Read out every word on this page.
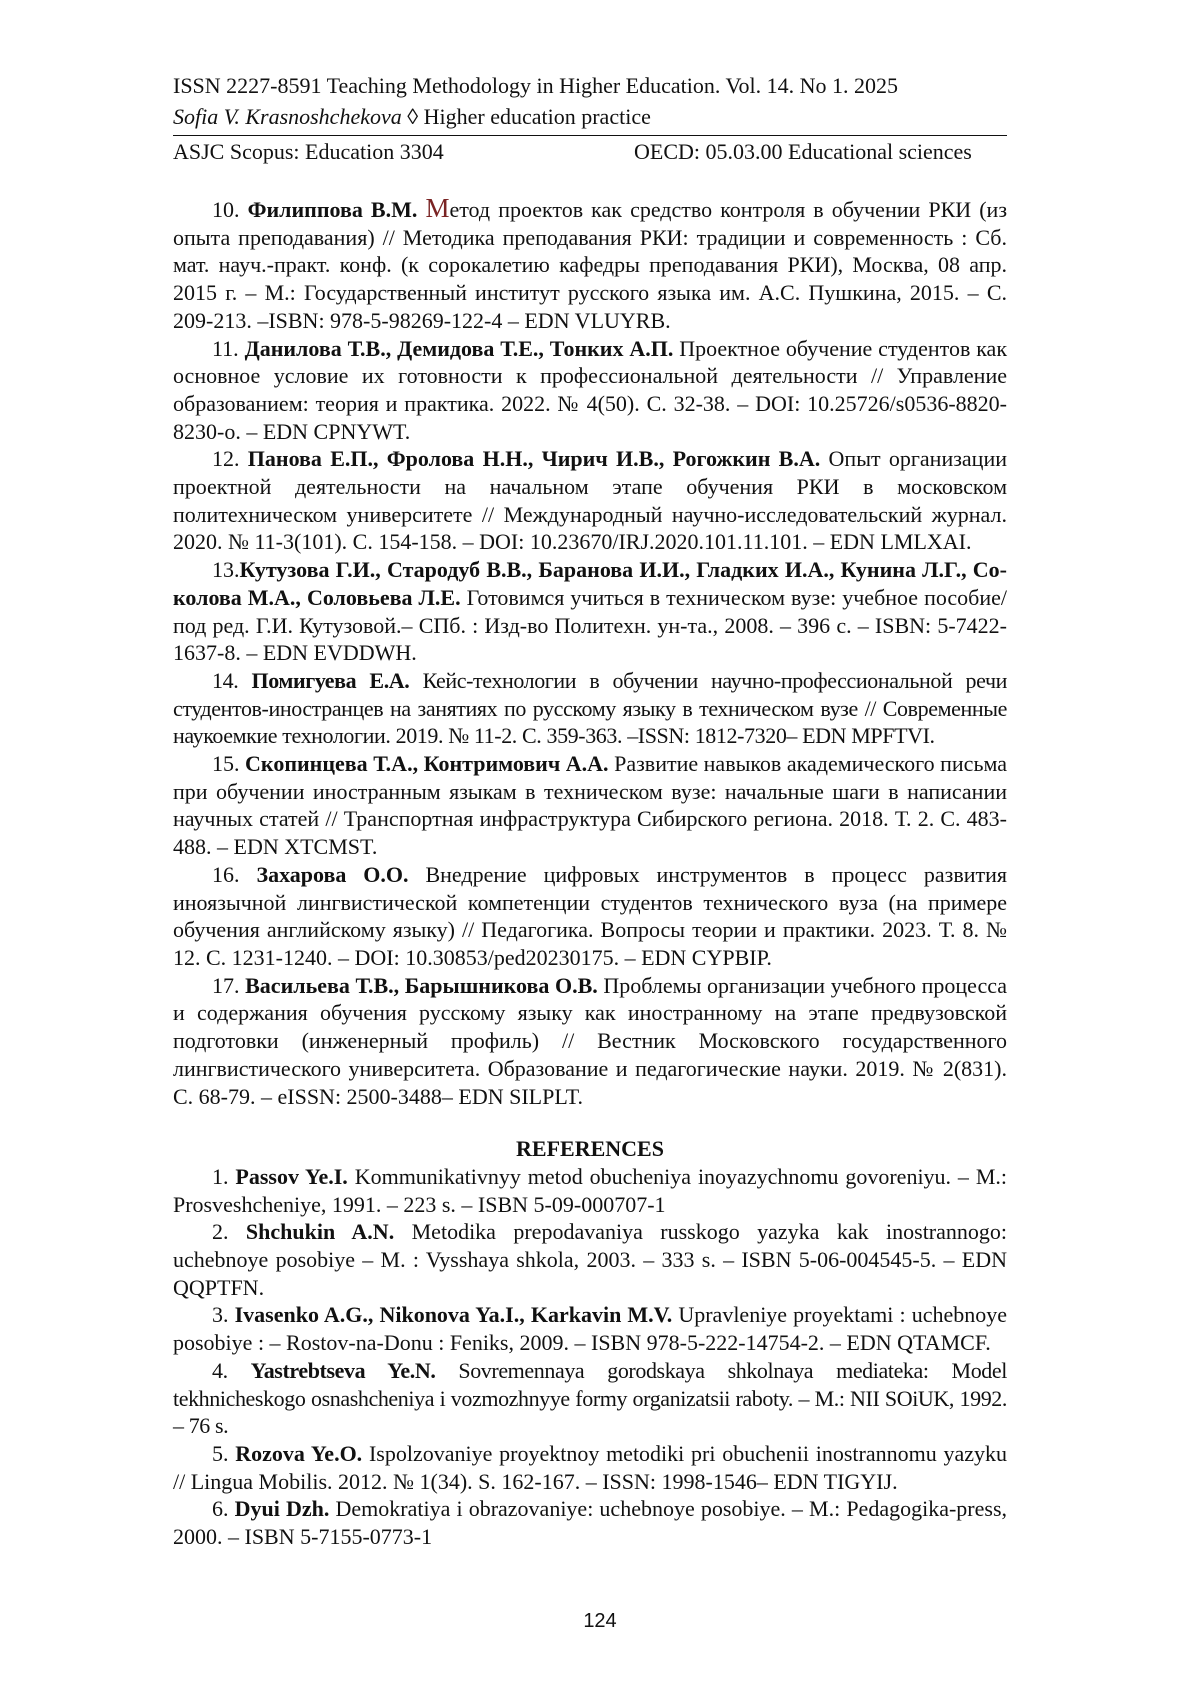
ISSN 2227-8591 Teaching Methodology in Higher Education. Vol. 14. No 1. 2025
Sofia V. Krasnoshchekova ◊ Higher education practice
ASJC Scopus: Education 3304	OECD: 05.03.00 Educational sciences

10. Филиппова В.М. Метод проектов как средство контроля в обучении РКИ (из опыта преподавания) // Методика преподавания РКИ: традиции и современность : Сб. мат. науч.-практ. конф. (к сорокалетию кафедры преподавания РКИ), Москва, 08 апр. 2015 г. – М.: Государственный институт русского языка им. А.С. Пушкина, 2015. – С. 209-213. –ISBN: 978-5-98269-122-4 – EDN VLUYRB.

11. Данилова Т.В., Демидова Т.Е., Тонких А.П. Проектное обучение студентов как основное условие их готовности к профессиональной деятельности // Управление образованием: теория и практика. 2022. № 4(50). С. 32-38. – DOI: 10.25726/s0536-8820-8230-o. – EDN CPNYWT.

12. Панова Е.П., Фролова Н.Н., Чирич И.В., Рогожкин В.А. Опыт организации проектной деятельности на начальном этапе обучения РКИ в московском политехническом университете // Международный научно-исследовательский журнал. 2020. № 11-3(101). С. 154-158. – DOI: 10.23670/IRJ.2020.101.11.101. – EDN LMLXAI.

13.Кутузова Г.И., Стародуб В.В., Баранова И.И., Гладких И.А., Кунина Л.Г., Со-колова М.А., Соловьева Л.Е. Готовимся учиться в техническом вузе: учебное пособие/ под ред. Г.И. Кутузовой.– СПб. : Изд-во Политехн. ун-та., 2008. – 396 с. – ISBN: 5-7422-1637-8. – EDN EVDDWH.

14. Помигуева Е.А. Кейс-технологии в обучении научно-профессиональной речи студентов-иностранцев на занятиях по русскому языку в техническом вузе // Современные наукоемкие технологии. 2019. № 11-2. С. 359-363. –ISSN: 1812-7320– EDN MPFTVI.

15. Скопинцева Т.А., Контримович А.А. Развитие навыков академического письма при обучении иностранным языкам в техническом вузе: начальные шаги в написании научных статей // Транспортная инфраструктура Сибирского региона. 2018. Т. 2. С. 483-488. – EDN XTCMST.

16. Захарова О.О. Внедрение цифровых инструментов в процесс развития иноязычной лингвистической компетенции студентов технического вуза (на примере обучения английскому языку) // Педагогика. Вопросы теории и практики. 2023. Т. 8. № 12. С. 1231-1240. – DOI: 10.30853/ped20230175. – EDN CYPBIP.

17. Васильева Т.В., Барышникова О.В. Проблемы организации учебного процесса и содержания обучения русскому языку как иностранному на этапе предвузовской подготовки (инженерный профиль) // Вестник Московского государственного лингвистического университета. Образование и педагогические науки. 2019. № 2(831). С. 68-79. – eISSN: 2500-3488– EDN SILPLT.

REFERENCES

1. Passov Ye.I. Kommunikativnyy metod obucheniya inoyazychnomu govoreniyu. – M.: Prosveshcheniye, 1991. – 223 s. – ISBN 5-09-000707-1

2. Shchukin A.N. Metodika prepodavaniya russkogo yazyka kak inostrannogo: uchebnoye posobiye – M. : Vysshaya shkola, 2003. – 333 s. – ISBN 5-06-004545-5. – EDN QQPTFN.

3. Ivasenko A.G., Nikonova Ya.I., Karkavin M.V. Upravleniye proyektami : uchebnoye posobiye : – Rostov-na-Donu : Feniks, 2009. – ISBN 978-5-222-14754-2. – EDN QTAMCF.

4. Yastrebtseva Ye.N. Sovremennaya gorodskaya shkolnaya mediateka: Model tekhnicheskogo osnashcheniya i vozmozhnyye formy organizatsii raboty. – M.: NII SOiUK, 1992. – 76 s.

5. Rozova Ye.O. Ispolzovaniye proyektnoy metodiki pri obuchenii inostrannomu yazyku // Lingua Mobilis. 2012. № 1(34). S. 162-167. – ISSN: 1998-1546– EDN TIGYIJ.

6. Dyui Dzh. Demokratiya i obrazovaniye: uchebnoye posobiye. – M.: Pedagogika-press, 2000. – ISBN 5-7155-0773-1

124
